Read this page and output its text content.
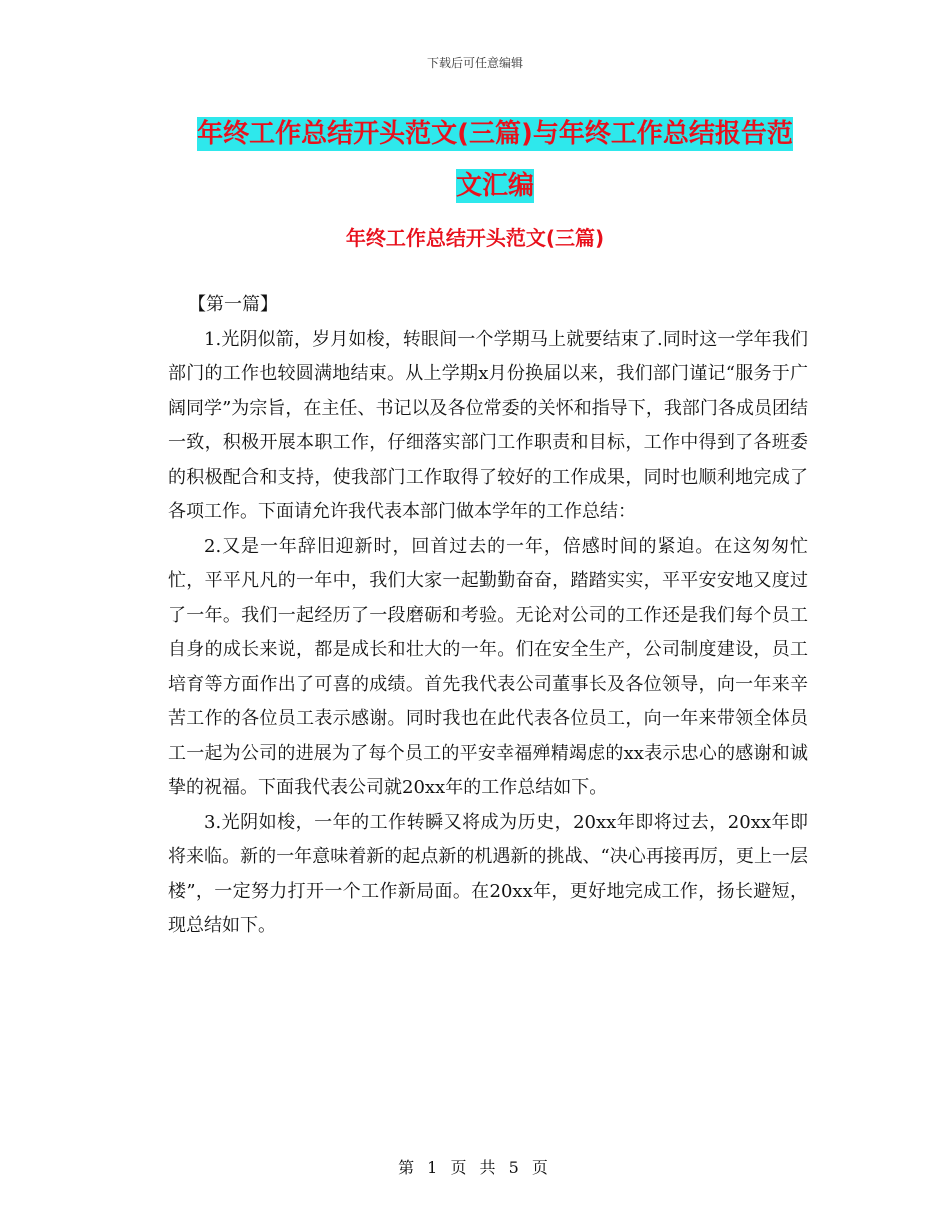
下载后可任意编辑
年终工作总结开头范文(三篇)与年终工作总结报告范
文汇编
年终工作总结开头范文(三篇)

【第一篇】

1.光阴似箭，岁月如梭，转眼间一个学期马上就要结束了.同时这一学年我们部门的工作也较圆满地结束。从上学期x月份换届以来，我们部门谨记“服务于广阔同学”为宗旨，在主任、书记以及各位常委的关怀和指导下，我部门各成员团结一致，积极开展本职工作，仔细落实部门工作职责和目标，工作中得到了各班委的积极配合和支持，使我部门工作取得了较好的工作成果，同时也顺利地完成了各项工作。下面请允许我代表本部门做本学年的工作总结：

2.又是一年辞旧迎新时，回首过去的一年，倍感时间的紧迫。在这匆匆忙忙，平平凡凡的一年中，我们大家一起勤勤奋奋，踏踏实实，平平安安地又度过了一年。我们一起经历了一段磨砺和考验。无论对公司的工作还是我们每个员工自身的成长来说，都是成长和壮大的一年。们在安全生产，公司制度建设，员工培育等方面作出了可喜的成绩。首先我代表公司董事长及各位领导，向一年来辛苦工作的各位员工表示感谢。同时我也在此代表各位员工，向一年来带领全体员工一起为公司的进展为了每个员工的平安幸福殚精竭虑的xx表示忠心的感谢和诚挚的祝福。下面我代表公司就20xx年的工作总结如下。

3.光阴如梭，一年的工作转瞬又将成为历史，20xx年即将过去，20xx年即将来临。新的一年意味着新的起点新的机遇新的挑战、“决心再接再厉，更上一层楼”，一定努力打开一个工作新局面。在20xx年，更好地完成工作，扬长避短，现总结如下。

第 1 页 共 5 页
